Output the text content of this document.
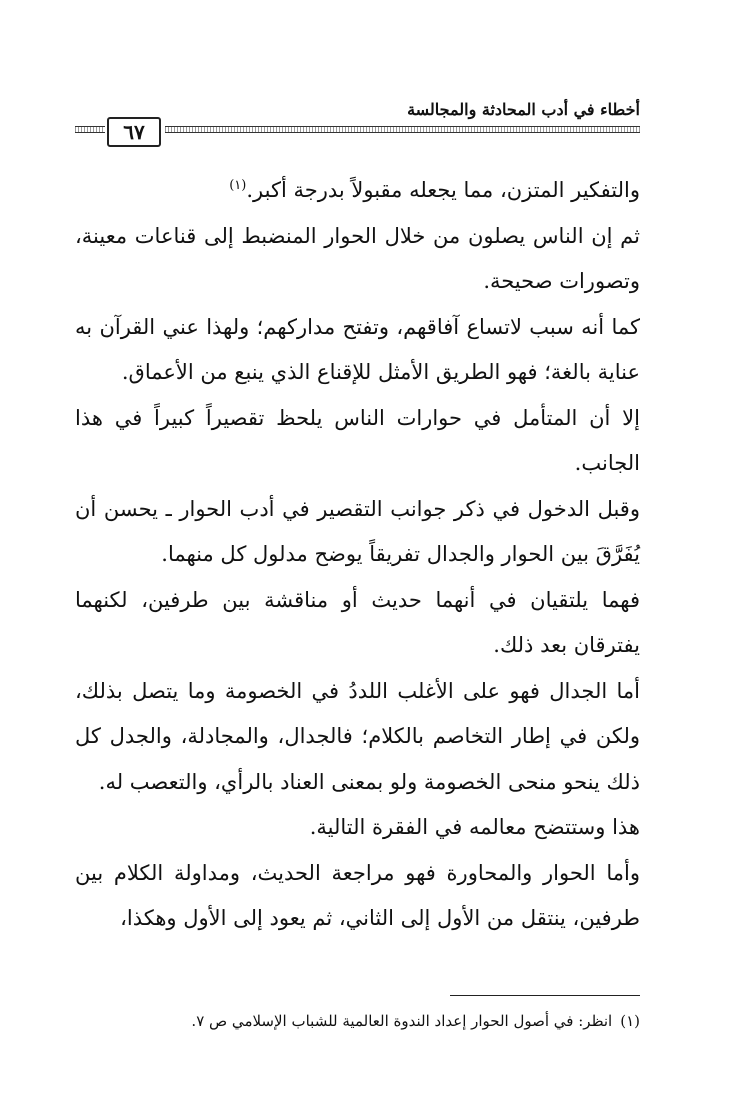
أخطاء في أدب المحادثة والمجالسة
٦٧

والتفكير المتزن، مما يجعله مقبولاً بدرجة أكبر.$^{(١)}$

ثم إن الناس يصلون من خلال الحوار المنضبط إلى قناعات معينة، وتصورات صحيحة.

كما أنه سبب لاتساع آفاقهم، وتفتح مداركهم؛ ولهذا عني القرآن به عناية بالغة؛ فهو الطريق الأمثل للإقناع الذي ينبع من الأعماق.

إلا أن المتأمل في حوارات الناس يلحظ تقصيراً كبيراً في هذا الجانب.

وقبل الدخول في ذكر جوانب التقصير في أدب الحوار ـ يحسن أن يُفَرَّقَ بين الحوار والجدال تفريقاً يوضح مدلول كل منهما.

فهما يلتقيان في أنهما حديث أو مناقشة بين طرفين، لكنهما يفترقان بعد ذلك.

أما الجدال فهو على الأغلب اللددُ في الخصومة وما يتصل بذلك، ولكن في إطار التخاصم بالكلام؛ فالجدال، والمجادلة، والجدل كل ذلك ينحو منحى الخصومة ولو بمعنى العناد بالرأي، والتعصب له.

هذا وستتضح معالمه في الفقرة التالية.

وأما الحوار والمحاورة فهو مراجعة الحديث، ومداولة الكلام بين طرفين، ينتقل من الأول إلى الثاني، ثم يعود إلى الأول وهكذا،

(١)انظر: في أصول الحوار إعداد الندوة العالمية للشباب الإسلامي ص ٧.
